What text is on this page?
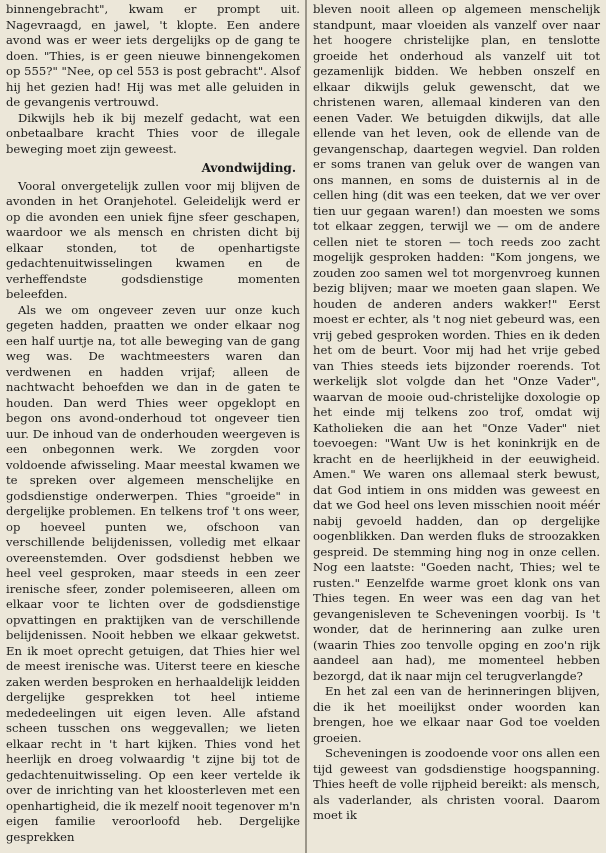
binnengebracht", kwam er prompt uit. Nagevraagd, en jawel, 't klopte. Een andere avond was er weer iets dergelijks op de gang te doen. "Thies, is er geen nieuwe binnengekomen op 555?" "Nee, op cel 553 is post gebracht". Alsof hij het gezien had! Hij was met alle geluiden in de gevangenis vertrouwd.

Dikwijls heb ik bij mezelf gedacht, wat een onbetaalbare kracht Thies voor de illegale beweging moet zijn geweest.

Avondwijding.

Vooral onvergetelijk zullen voor mij blijven de avonden in het Oranjehotel. Geleidelijk werd er op die avonden een uniek fijne sfeer geschapen, waardoor we als mensch en christen dicht bij elkaar stonden, tot de openhartigste gedachtenuitwisselingen kwamen en de verheffendste godsdienstige momenten beleefden.

Als we om ongeveer zeven uur onze kuch gegeten hadden, praatten we onder elkaar nog een half uurtje na, tot alle beweging van de gang weg was. De wachtmeesters waren dan verdwenen en hadden vrijaf; alleen de nachtwacht behoefden we dan in de gaten te houden. Dan werd Thies weer opgeklopt en begon ons avond-onderhoud tot ongeveer tien uur. De inhoud van de onderhouden weergeven is een onbegonnen werk. We zorgden voor voldoende afwisseling. Maar meestal kwamen we te spreken over algemeen menschelijke en godsdienstige onderwerpen. Thies "groeide" in dergelijke problemen. En telkens trof 't ons weer, op hoeveel punten we, ofschoon van verschillende belijdenissen, volledig met elkaar overeenstemden. Over godsdienst hebben we heel veel gesproken, maar steeds in een zeer irenische sfeer, zonder polemiseeren, alleen om elkaar voor te lichten over de godsdienstige opvattingen en praktijken van de verschillende belijdenissen. Nooit hebben we elkaar gekwetst. En ik moet oprecht getuigen, dat Thies hier wel de meest irenische was. Uiterst teere en kiesche zaken werden besproken en herhaaldelijk leidden dergelijke gesprekken tot heel intieme mededeelingen uit eigen leven. Alle afstand scheen tusschen ons weggevallen; we lieten elkaar recht in 't hart kijken. Thies vond het heerlijk en droeg volwaardig 't zijne bij tot de gedachtenuitwisseling. Op een keer vertelde ik over de inrichting van het kloosterleven met een openhartigheid, die ik mezelf nooit tegenover m'n eigen familie veroorloofd heb. Dergelijke gesprekken

bleven nooit alleen op algemeen menschelijk standpunt, maar vloeiden als vanzelf over naar het hoogere christelijke plan, en tenslotte groeide het onderhoud als vanzelf uit tot gezamenlijk bidden. We hebben onszelf en elkaar dikwijls geluk gewenscht, dat we christenen waren, allemaal kinderen van den eenen Vader. We betuigden dikwijls, dat alle ellende van het leven, ook de ellende van de gevangenschap, daartegen wegviel. Dan rolden er soms tranen van geluk over de wangen van ons mannen, en soms de duisternis al in de cellen hing (dit was een teeken, dat we ver over tien uur gegaan waren!) dan moesten we soms tot elkaar zeggen, terwijl we — om de andere cellen niet te storen — toch reeds zoo zacht mogelijk gesproken hadden: "Kom jongens, we zouden zoo samen wel tot morgenvroeg kunnen bezig blijven; maar we moeten gaan slapen. We houden de anderen anders wakker!" Eerst moest er echter, als 't nog niet gebeurd was, een vrij gebed gesproken worden. Thies en ik deden het om de beurt. Voor mij had het vrije gebed van Thies steeds iets bijzonder roerends. Tot werkelijk slot volgde dan het "Onze Vader", waarvan de mooie oud-christelijke doxologie op het einde mij telkens zoo trof, omdat wij Katholieken die aan het "Onze Vader" niet toevoegen: "Want Uw is het koninkrijk en de kracht en de heerlijkheid in der eeuwigheid. Amen." We waren ons allemaal sterk bewust, dat God intiem in ons midden was geweest en dat we God heel ons leven misschien nooit méér nabij gevoeld hadden, dan op dergelijke oogenblikken. Dan werden fluks de stroozakken gespreid. De stemming hing nog in onze cellen. Nog een laatste: "Goeden nacht, Thies; wel te rusten." Eenzelfde warme groet klonk ons van Thies tegen. En weer was een dag van het gevangenisleven te Scheveningen voorbij. Is 't wonder, dat de herinnering aan zulke uren (waarin Thies zoo tenvolle opging en zoo'n rijk aandeel aan had), me momenteel hebben bezorgd, dat ik naar mijn cel terugverlangde?

En het zal een van de herinneringen blijven, die ik het moeilijkst onder woorden kan brengen, hoe we elkaar naar God toe voelden groeien.

Scheveningen is zoodoende voor ons allen een tijd geweest van godsdienstige hoogspanning. Thies heeft de volle rijpheid bereikt: als mensch, als vaderlander, als christen vooral. Daarom moet ik
